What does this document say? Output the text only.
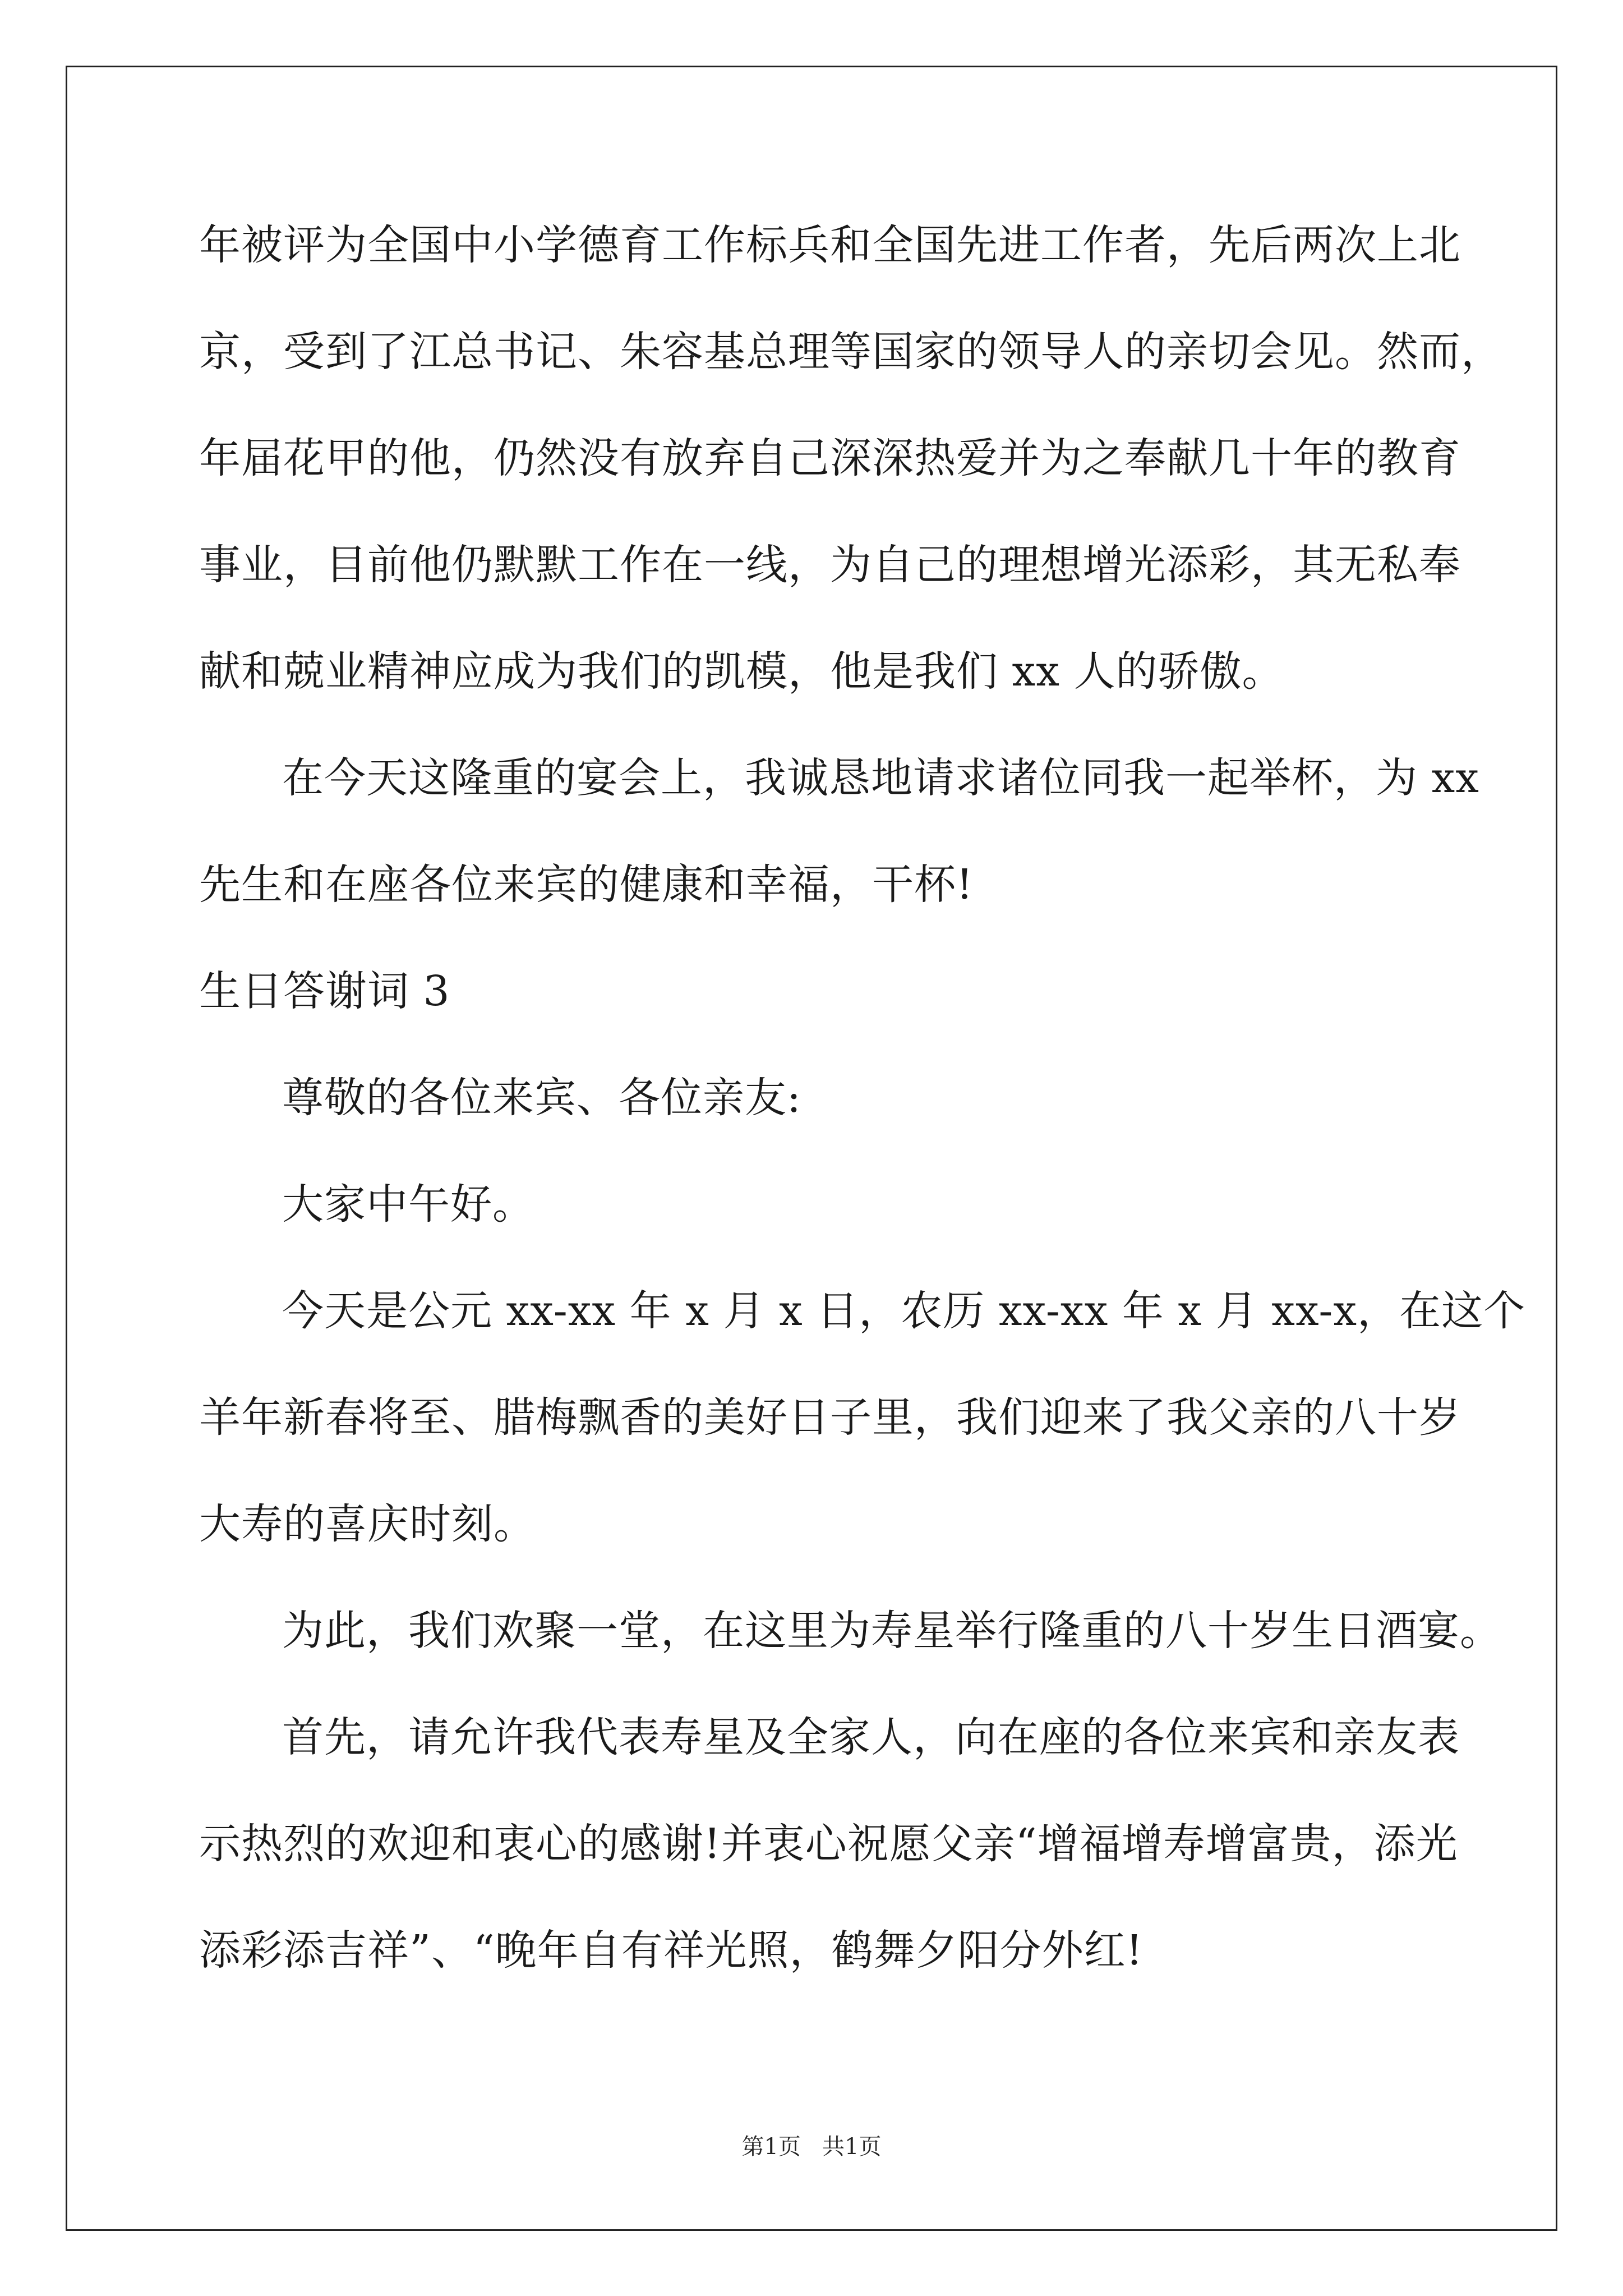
年被评为全国中小学德育工作标兵和全国先进工作者，先后两次上北
京，受到了江总书记、朱容基总理等国家的领导人的亲切会见。然而，
年届花甲的他，仍然没有放弃自己深深热爱并为之奉献几十年的教育
事业，目前他仍默默工作在一线，为自己的理想增光添彩，其无私奉
献和兢业精神应成为我们的凯模，他是我们 xx 人的骄傲。
在今天这隆重的宴会上，我诚恳地请求诸位同我一起举杯，为 xx
先生和在座各位来宾的健康和幸福，干杯!
生日答谢词 3
尊敬的各位来宾、各位亲友:
大家中午好。
今天是公元 xx-xx 年 x 月 x 日，农历 xx-xx 年 x 月 xx-x，在这个
羊年新春将至、腊梅飘香的美好日子里，我们迎来了我父亲的八十岁
大寿的喜庆时刻。
为此，我们欢聚一堂，在这里为寿星举行隆重的八十岁生日酒宴。
首先，请允许我代表寿星及全家人，向在座的各位来宾和亲友表
示热烈的欢迎和衷心的感谢!并衷心祝愿父亲“增福增寿增富贵，添光
添彩添吉祥”、“晚年自有祥光照，鹤舞夕阳分外红!
第1页   共1页
